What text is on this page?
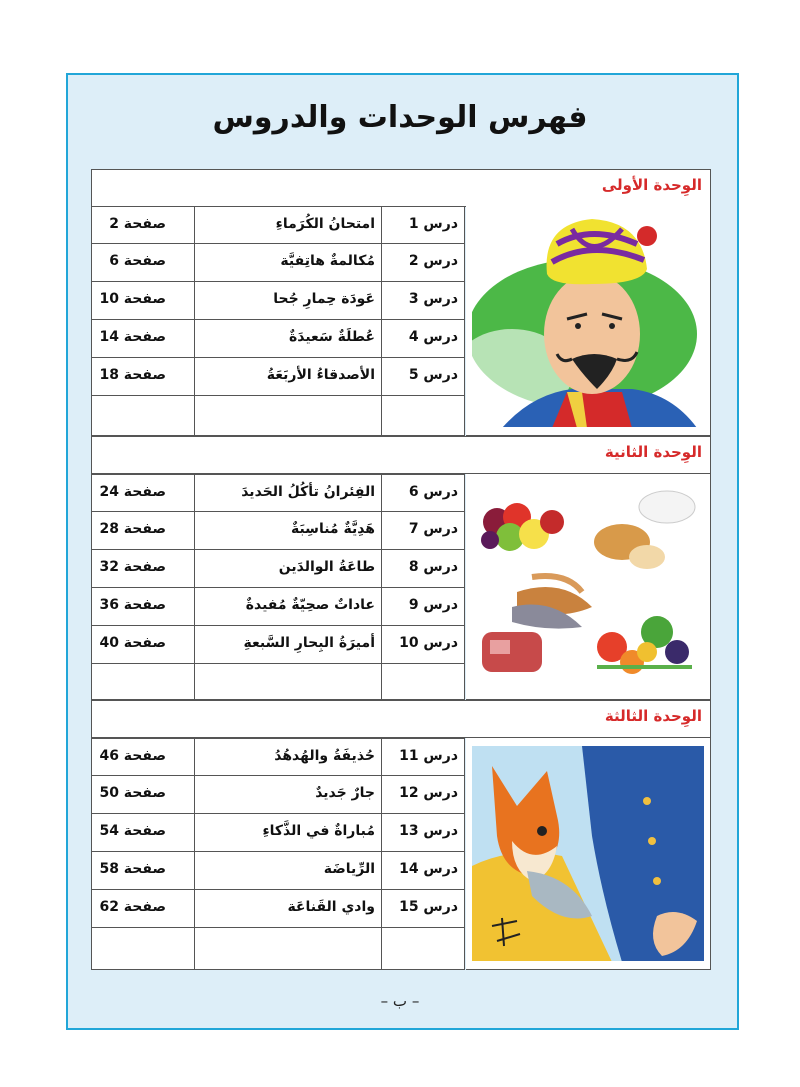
فهرس الوحدات والدروس
الوِحدة الأولى
صفحة 2	امتحانُ الكُرَماءِ درس 1
صفحة 6	مُكالمةٌ هاتِفيَّة درس 2
صفحة 10	عَودَة حِمارِ جُحا درس 3
صفحة 14	عُطلَةٌ سَعيدَةٌ درس 4
صفحة 18	الأصدقاءُ الأربَعَةُ درس 5
الوِحدة الثانية
صفحة 24	الفِئرانُ تأكُلُ الحَديدَ درس 6
صفحة 28	هَدِيَّةٌ مُناسِبَةٌ درس 7
صفحة 32	طاعَةُ الوالدَين درس 8
صفحة 36	عاداتٌ صحِيّةٌ مُفيدةٌ درس 9
صفحة 40	أميرَةُ البِحارِ السَّبعةِ درس 10
الوِحدة الثالثة
صفحة 46	حُذيفَةُ والهُدهُدُ درس 11
صفحة 50	جارٌ جَديدٌ درس 12
صفحة 54	مُباراةٌ في الذَّكاءِ درس 13
صفحة 58	الرِّياضَة درس 14
صفحة 62	وادي القَناعَة درس 15
– ب –
